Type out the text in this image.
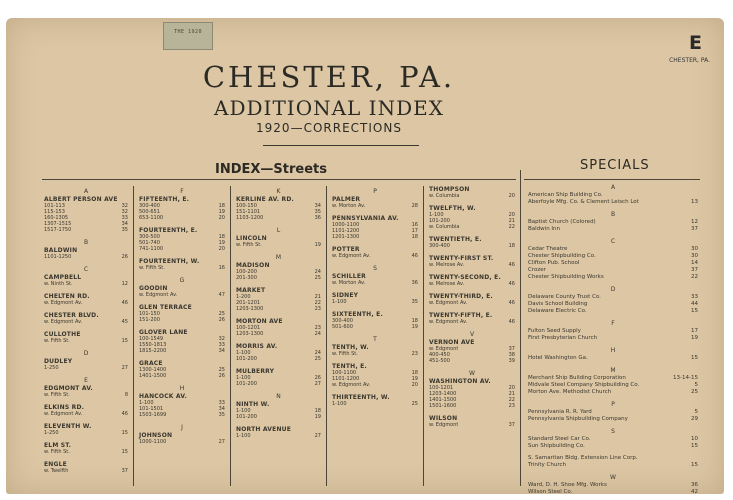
THE 1920	E
CHESTER, PA.
CHESTER, PA.
ADDITIONAL INDEX
1920—CORRECTIONS
INDEX—Streets	SPECIALS
A
ALBERT PERSON AVE
101-113	32
115-153	32
160-1305	33
1307-1515	34
1517-1750	35
B
BALDWIN
1101-1250	26
C
CAMPBELL
w. Ninth St.	12
CHELTEN RD.
w. Edgmont Av.	46
CHESTER BLVD.
w. Edgmont Av.	45
CULLOTHE
w. Fifth St.	15
D
DUDLEY
1-250	27
E
EDGMONT AV.
w. Fifth St.	8
ELKINS RD.
w. Edgmont Av.	46
ELEVENTH W.
1-250	15
ELM ST.
w. Fifth St.	15
ENGLE
w. Twelfth	37
F
FIFTEENTH, E.
300-400	18
500-651	19
653-1100	20
FOURTEENTH, E.
300-500	18
501-740	19
741-1100	20
FOURTEENTH, W.
w. Fifth St.	16
G
GOODIN
w. Edgmont Av.	47
GLEN TERRACE
101-150	25
151-200	26
GLOVER LANE
100-1549	32
1550-1813	33
1815-2200	34
GRACE
1300-1400	25
1401-1500	26
H
HANCOCK AV.
1-100	33
101-1501	34
1503-1699	35
J
JOHNSON
1000-1100	27
K
KERLINE AV. RD.
100-150	34
151-1101	35
1103-1200	36
L
LINCOLN
w. Fifth St.	19
M
MADISON
100-200	24
201-300	25
MARKET
1-200	21
201-1201	22
1203-1300	23
MORTON AVE
100-1201	23
1203-1300	24
MORRIS AV.
1-100	24
101-200	25
MULBERRY
1-100	26
101-200	27
N
NINTH W.
1-100	18
101-200	19
NORTH AVENUE
1-100	27
P
PALMER
w. Morton Av.	28
PENNSYLVANIA AV.
1000-1100	16
1101-1200	17
1201-1300	18
POTTER
w. Edgmont Av.	46
S
SCHILLER
w. Morton Av.	36
SIDNEY
1-100	35
SIXTEENTH, E.
300-400	18
501-600	19
T
TENTH, W.
w. Fifth St.	23
TENTH, E.
100-1100	18
1101-1200	19
w. Edgmont Av.	20
THIRTEENTH, W.
1-100	25
THOMPSON
w. Columbia	20
TWELFTH, W.
1-100	20
101-200	21
w. Columbia	22
TWENTIETH, E.
300-400	18
TWENTY-FIRST ST.
w. Melrose Av.	46
TWENTY-SECOND, E.
w. Melrose Av.	46
TWENTY-THIRD, E.
w. Edgmont Av.	46
TWENTY-FIFTH, E.
w. Edgmont Av.	46
V
VERNON AVE
w. Edgmont	37
400-450	38
451-500	39
W
WASHINGTON AV.
100-1201	20
1203-1400	21
1401-1500	22
1501-1600	23
WILSON
w. Edgmont	37
A
American Ship Building Co.
Aberfoyle Mfg. Co. & Clement Leisch Lot	13
B
Baptist Church (Colored)	12
Baldwin Inn	37
C
Cedar Theatre	30
Chester Shipbuilding Co.	30
Clifton Pub. School	14
Crozer	37
Chester Shipbuilding Works	22
D
Delaware County Trust Co.	33
Davis School Building	44
Delaware Electric Co.	15
F
Fulton Seed Supply	17
First Presbyterian Church	19
H
Hotel Washington Ga.	15
M
Merchant Ship Building Corporation	13-14-15
Midvale Steel Company Shipbuilding Co.	5
Morton Ave. Methodist Church	25
P
Pennsylvania R. R. Yard	5
Pennsylvania Shipbuilding Company	29
S
Standard Steel Car Co.	10
Sun Shipbuilding Co.	15
S. Samaritan Bldg. Extension Line Corp.
Trinity Church	15
W
Ward, D. H. Shoe Mfg. Works	36
Wilson Steel Co.	42
